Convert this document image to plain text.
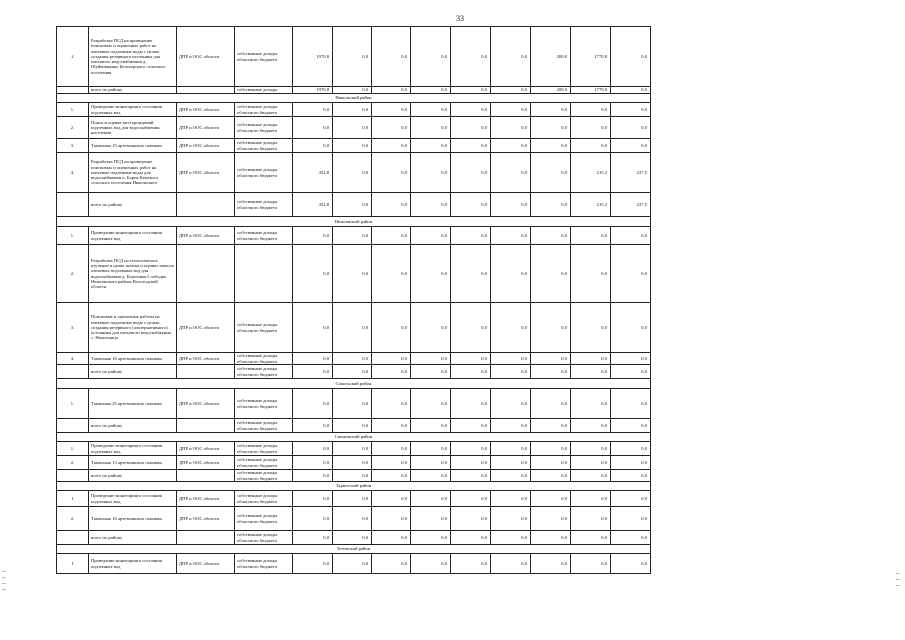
33
2	Разработка ПСД на проведение поисковых и оценочных работ на питьевые подземные воды с целью создания резервного источника для питьевого водоснабжения д. Шуйковщины Белозерского сельского поселения	ДПР и ООС области	собственные доходы областного бюджета	1970,8	0,0	0,0	0,0	0,0	0,0	200,0	1770,8	0,0
	всего по району		собственные доходы	1970,8	0,0	0,0	0,0	0,0	0,0	200,0	1770,8	0,0
Никольский район												
1.	Проведение мониторинга состояния подземных вод	ДПР и ООС области	собственные доходы областного бюджета	0,0	0,0	0,0	0,0	0,0	0,0	0,0	0,0	0,0
2.	Поиск и оценка месторождений подземных вод для водоснабжения населения	ДПР и ООС области	собственные доходы областного бюджета	0,0	0,0	0,0	0,0	0,0	0,0	0,0	0,0	0,0
3.	Тампонаж 15 артезианских скважин	ДПР и ООС области	собственные доходы областного бюджета	0,0	0,0	0,0	0,0	0,0	0,0	0,0	0,0	0,0
4.	Разработка ПСД на проведение поисковых и оценочных работ на питьевые подземные воды для водоснабжения п. Борок Кемского сельского поселения Никольского	ДПР и ООС области	собственные доходы областного бюджета	452,8	0,0	0,0	0,0	0,0	0,0	0,0	215,3	237,5
	всего по району		собственные доходы областного бюджета	452,8	0,0	0,0	0,0	0,0	0,0	0,0	215,3	237,5
Нюксенский район												
1.	Проведение мониторинга состояния подземных вод	ДПР и ООС области	собственные доходы областного бюджета	0,0	0,0	0,0	0,0	0,0	0,0	0,0	0,0	0,0
2.	Разработка ПСД на геологическое изучение в целях поиска и оценки запасов питьевых подземных вод для водоснабжения д. Березовая Слободка Нюксенского района Вологодской области			0,0	0,0	0,0	0,0	0,0	0,0	0,0	0,0	0,0
3.	Поисковые и оценочные работы на питьевые подземные воды с целью создания резервного (альтернативного) источника для питьевого водоснабжения с. Нюксеница	ДПР и ООС области	собственные доходы областного бюджета	0,0	0,0	0,0	0,0	0,0	0,0	0,0	0,0	0,0
4.	Тампонаж 16 артезианских скважин	ДПР и ООС области	собственные доходы областного бюджета	0,0	0,0	0,0	0,0	0,0	0,0	0,0	0,0	0,0
	всего по району		собственные доходы областного бюджета	0,0	0,0	0,0	0,0	0,0	0,0	0,0	0,0	0,0
Сокольский район												
1.	Тампонаж 25 артезианских скважин	ДПР и ООС области	собственные доходы областного бюджета	0,0	0,0	0,0	0,0	0,0	0,0	0,0	0,0	0,0
	всего по району		собственные доходы областного бюджета	0,0	0,0	0,0	0,0	0,0	0,0	0,0	0,0	0,0
Сямженский район												
1.	Проведение мониторинга состояния подземных вод	ДПР и ООС области	собственные доходы областного бюджета	0,0	0,0	0,0	0,0	0,0	0,0	0,0	0,0	0,0
2.	Тампонаж 13 артезианских скважин	ДПР и ООС области	собственные доходы областного бюджета	0,0	0,0	0,0	0,0	0,0	0,0	0,0	0,0	0,0
	всего по району		собственные доходы областного бюджета	0,0	0,0	0,0	0,0	0,0	0,0	0,0	0,0	0,0
Тарногский район												
1	Проведение мониторинга состояния подземных вод	ДПР и ООС области	собственные доходы областного бюджета	0,0	0,0	0,0	0,0	0,0	0,0	0,0	0,0	0,0
2.	Тампонаж 16 артезианских скважин	ДПР и ООС области	собственные доходы областного бюджета	0,0	0,0	0,0	0,0	0,0	0,0	0,0	0,0	0,0
	всего по району		собственные доходы областного бюджета	0,0	0,0	0,0	0,0	0,0	0,0	0,0	0,0	0,0
Тотемский район												
1	Проведение мониторинга состояния подземных вод	ДПР и ООС области	собственные доходы областного бюджета	0,0	0,0	0,0	0,0	0,0	0,0	0,0	0,0	0,0
–
–
–
–
–
–
–
